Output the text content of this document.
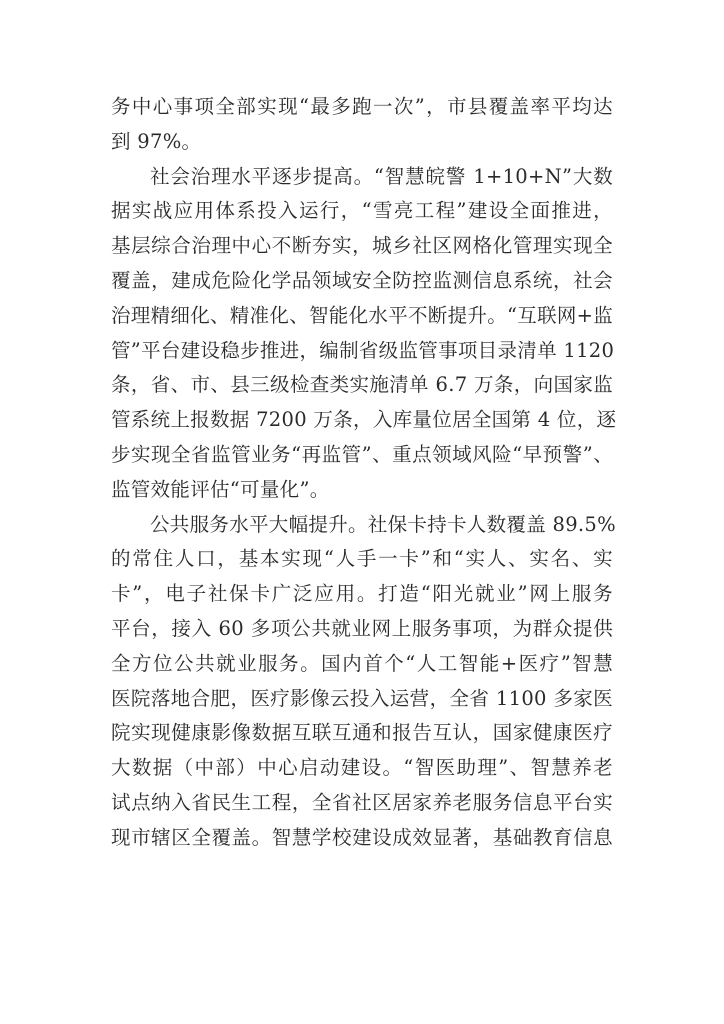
务中心事项全部实现“最多跑一次”，市县覆盖率平均达
到 97%。

社会治理水平逐步提高。“智慧皖警 1+10+N”大数
据实战应用体系投入运行，“雪亮工程”建设全面推进，
基层综合治理中心不断夯实，城乡社区网格化管理实现全
覆盖，建成危险化学品领域安全防控监测信息系统，社会
治理精细化、精准化、智能化水平不断提升。“互联网+监
管”平台建设稳步推进，编制省级监管事项目录清单 1120
条，省、市、县三级检查类实施清单 6.7 万条，向国家监
管系统上报数据 7200 万条，入库量位居全国第 4 位，逐
步实现全省监管业务“再监管”、重点领域风险“早预警”、
监管效能评估“可量化”。

公共服务水平大幅提升。社保卡持卡人数覆盖 89.5%
的常住人口，基本实现“人手一卡”和“实人、实名、实
卡”，电子社保卡广泛应用。打造“阳光就业”网上服务
平台，接入 60 多项公共就业网上服务事项，为群众提供
全方位公共就业服务。国内首个“人工智能+医疗”智慧
医院落地合肥，医疗影像云投入运营，全省 1100 多家医
院实现健康影像数据互联互通和报告互认，国家健康医疗
大数据（中部）中心启动建设。“智医助理”、智慧养老
试点纳入省民生工程，全省社区居家养老服务信息平台实
现市辖区全覆盖。智慧学校建设成效显著，基础教育信息
